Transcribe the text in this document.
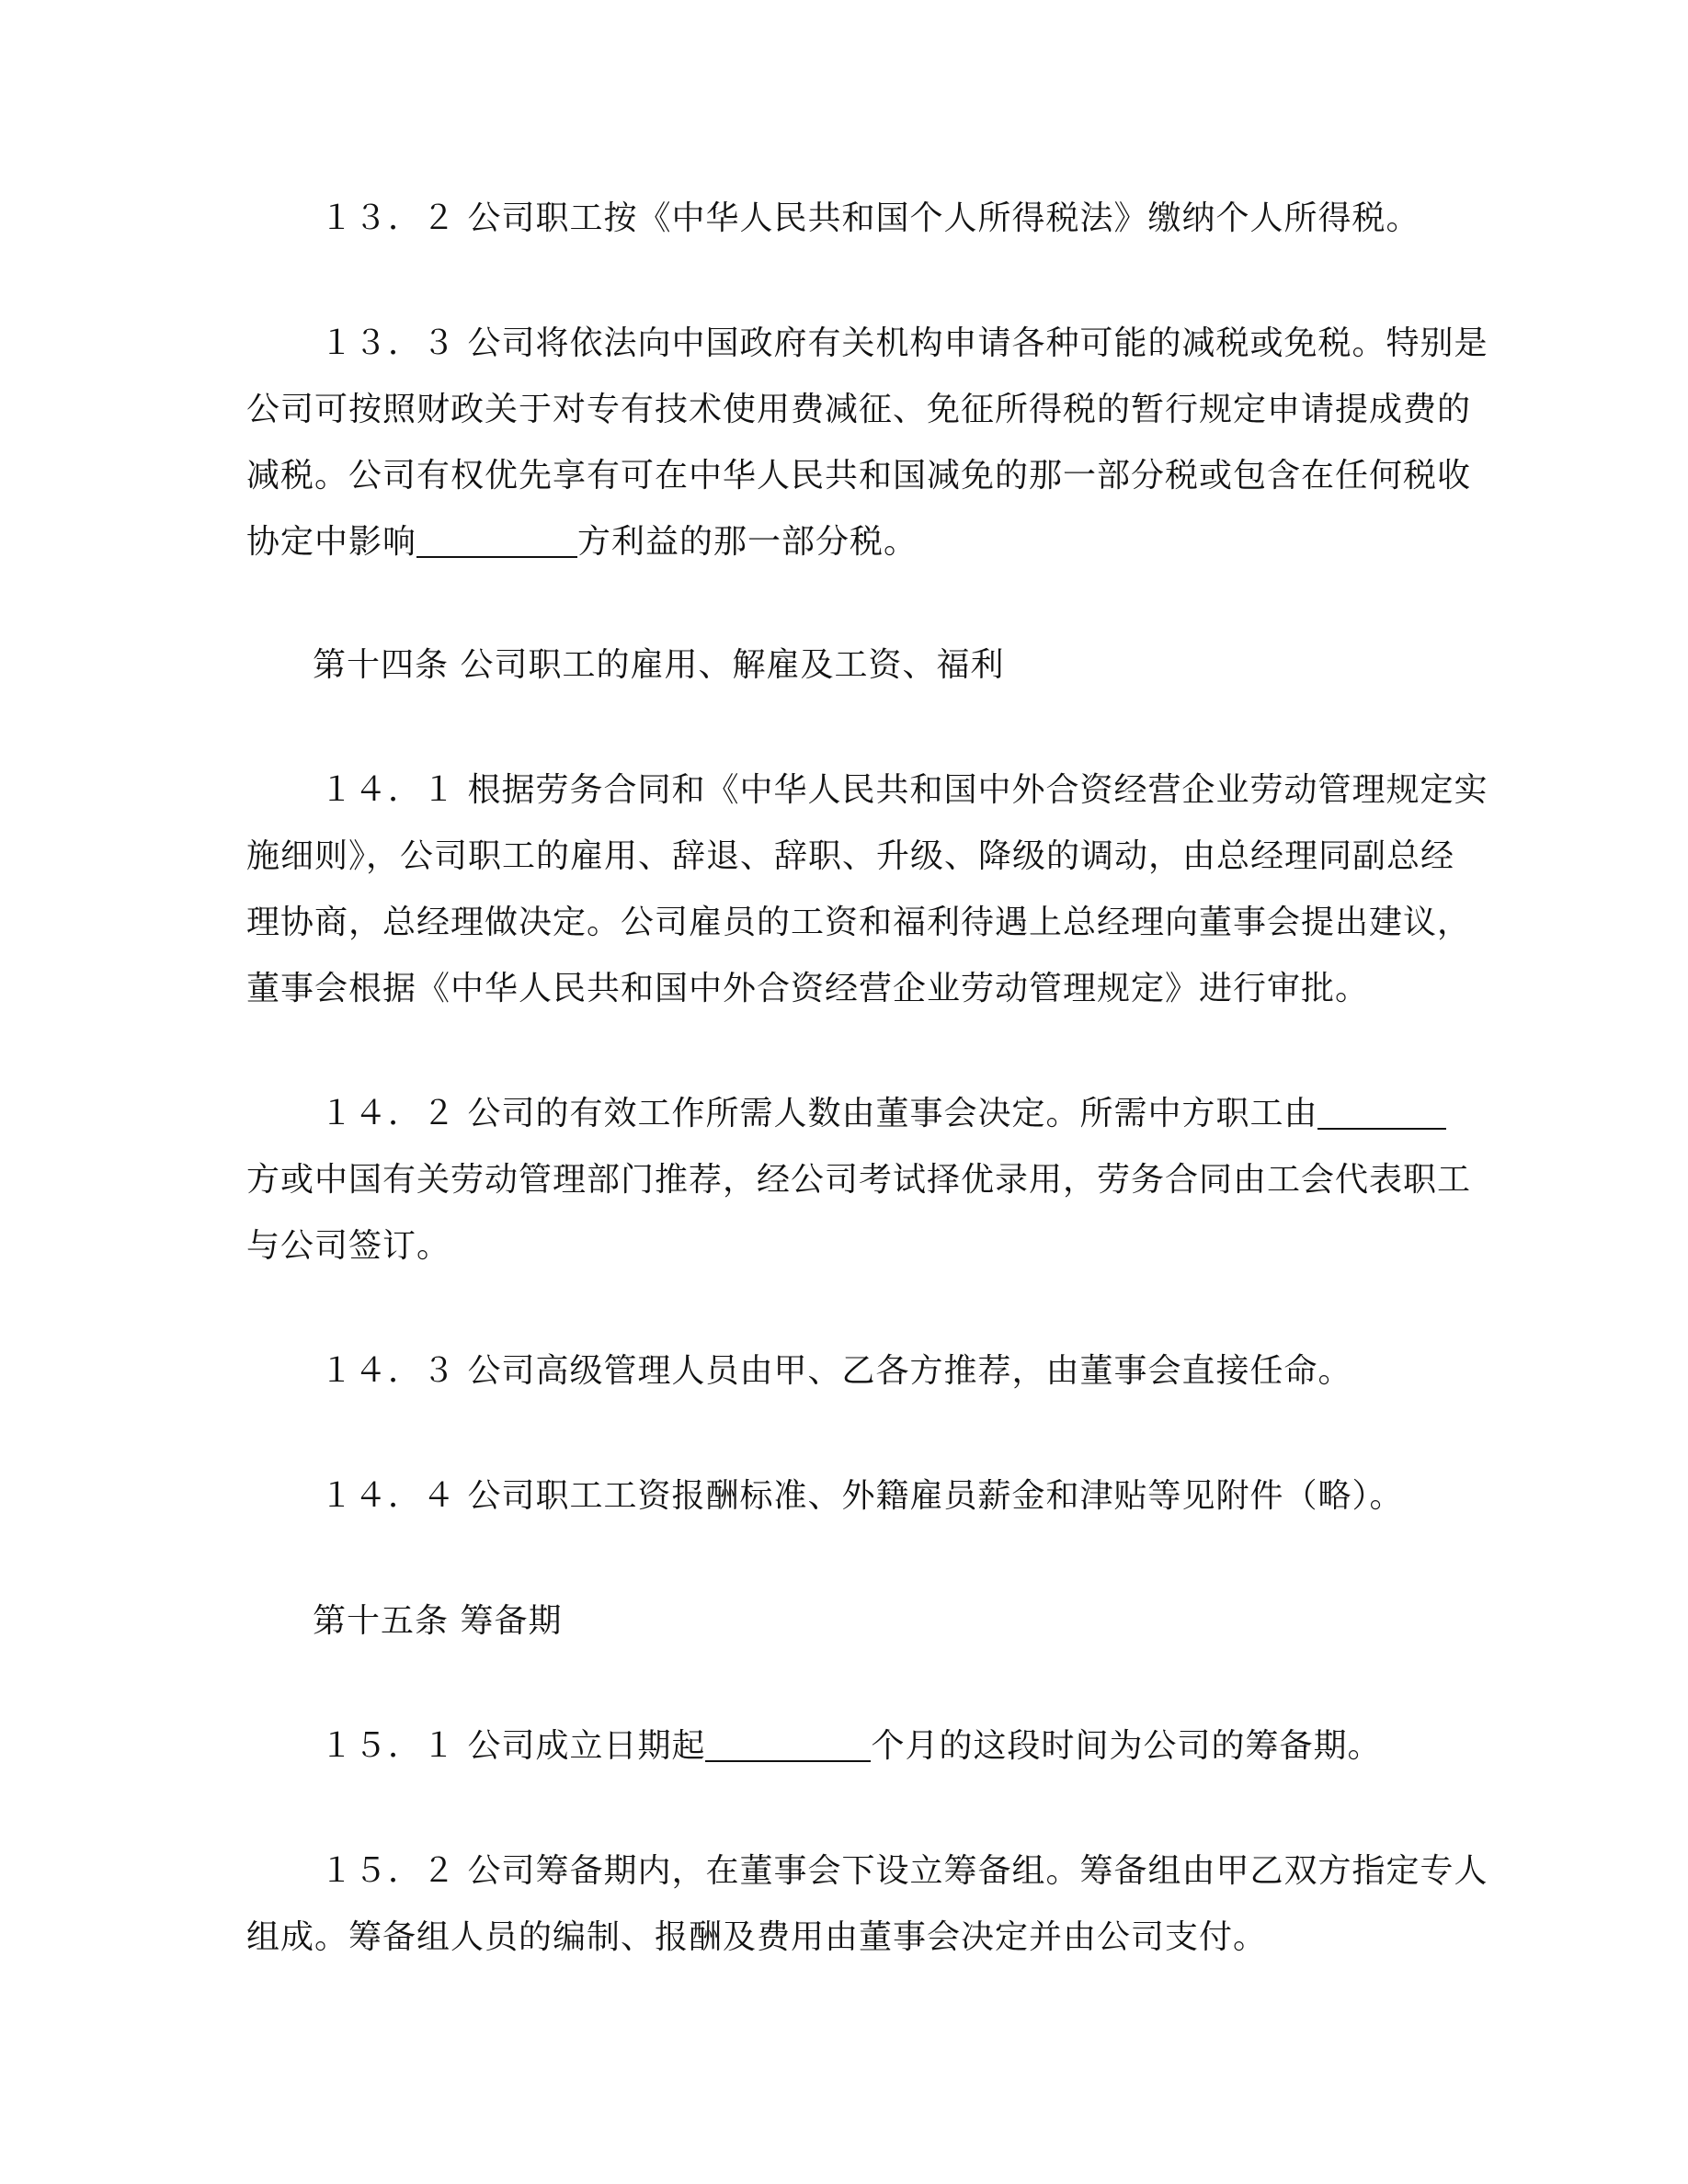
１３．２ 公司职工按《中华人民共和国个人所得税法》缴纳个人所得税。
１３．３ 公司将依法向中国政府有关机构申请各种可能的减税或免税。特别是
公司可按照财政关于对专有技术使用费减征、免征所得税的暂行规定申请提成费的
减税。公司有权优先享有可在中华人民共和国减免的那一部分税或包含在任何税收
协定中影响	方利益的那一部分税。
第十四条 公司职工的雇用、解雇及工资、福利
１４．１ 根据劳务合同和《中华人民共和国中外合资经营企业劳动管理规定实
施细则》，公司职工的雇用、辞退、辞职、升级、降级的调动，由总经理同副总经
理协商，总经理做决定。公司雇员的工资和福利待遇上总经理向董事会提出建议，
董事会根据《中华人民共和国中外合资经营企业劳动管理规定》进行审批。
１４．２ 公司的有效工作所需人数由董事会决定。所需中方职工由
方或中国有关劳动管理部门推荐，经公司考试择优录用，劳务合同由工会代表职工
与公司签订。
１４．３ 公司高级管理人员由甲、乙各方推荐，由董事会直接任命。
１４．４ 公司职工工资报酬标准、外籍雇员薪金和津贴等见附件（略）。
第十五条 筹备期
１５．１ 公司成立日期起	个月的这段时间为公司的筹备期。
１５．２ 公司筹备期内，在董事会下设立筹备组。筹备组由甲乙双方指定专人
组成。筹备组人员的编制、报酬及费用由董事会决定并由公司支付。
